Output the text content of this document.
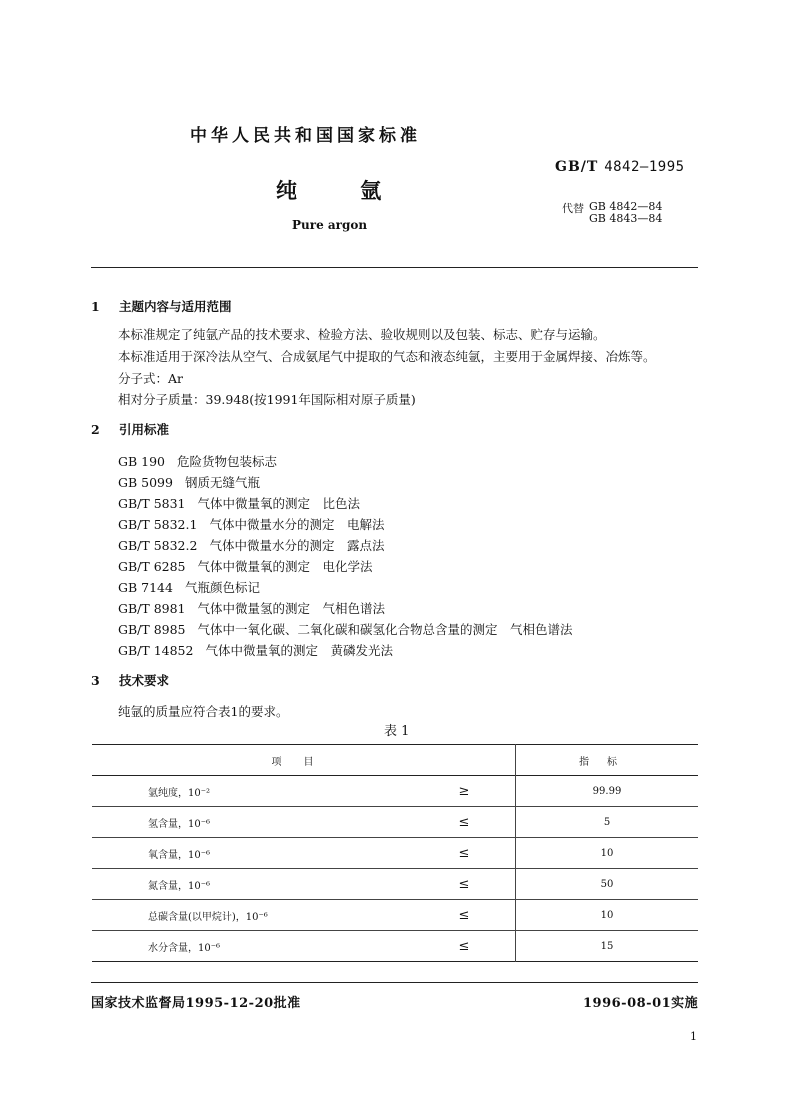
中华人民共和国国家标准
GB/T 4842—1995
纯 氩
代替 GB 4842—84
GB 4843—84
Pure argon
1 主题内容与适用范围
本标准规定了纯氩产品的技术要求、检验方法、验收规则以及包装、标志、贮存与运输。
本标准适用于深冷法从空气、合成氨尾气中提取的气态和液态纯氩，主要用于金属焊接、冶炼等。
分子式：Ar
相对分子质量：39.948(按1991年国际相对原子质量)
2 引用标准
GB 190 危险货物包装标志
GB 5099 钢质无缝气瓶
GB/T 5831 气体中微量氧的测定　比色法
GB/T 5832.1 气体中微量水分的测定　电解法
GB/T 5832.2 气体中微量水分的测定　露点法
GB/T 6285 气体中微量氧的测定　电化学法
GB 7144 气瓶颜色标记
GB/T 8981 气体中微量氢的测定　气相色谱法
GB/T 8985 气体中一氧化碳、二氧化碳和碳氢化合物总含量的测定　气相色谱法
GB/T 14852 气体中微量氧的测定　黄磷发光法
3 技术要求
纯氩的质量应符合表1的要求。
表 1
项目		指标
氩纯度，10⁻²	≥	99.99
氢含量，10⁻⁶	≤	5
氧含量，10⁻⁶	≤	10
氮含量，10⁻⁶	≤	50
总碳含量(以甲烷计)，10⁻⁶	≤	10
水分含量，10⁻⁶	≤	15
国家技术监督局1995-12-20批准	1996-08-01实施
1
